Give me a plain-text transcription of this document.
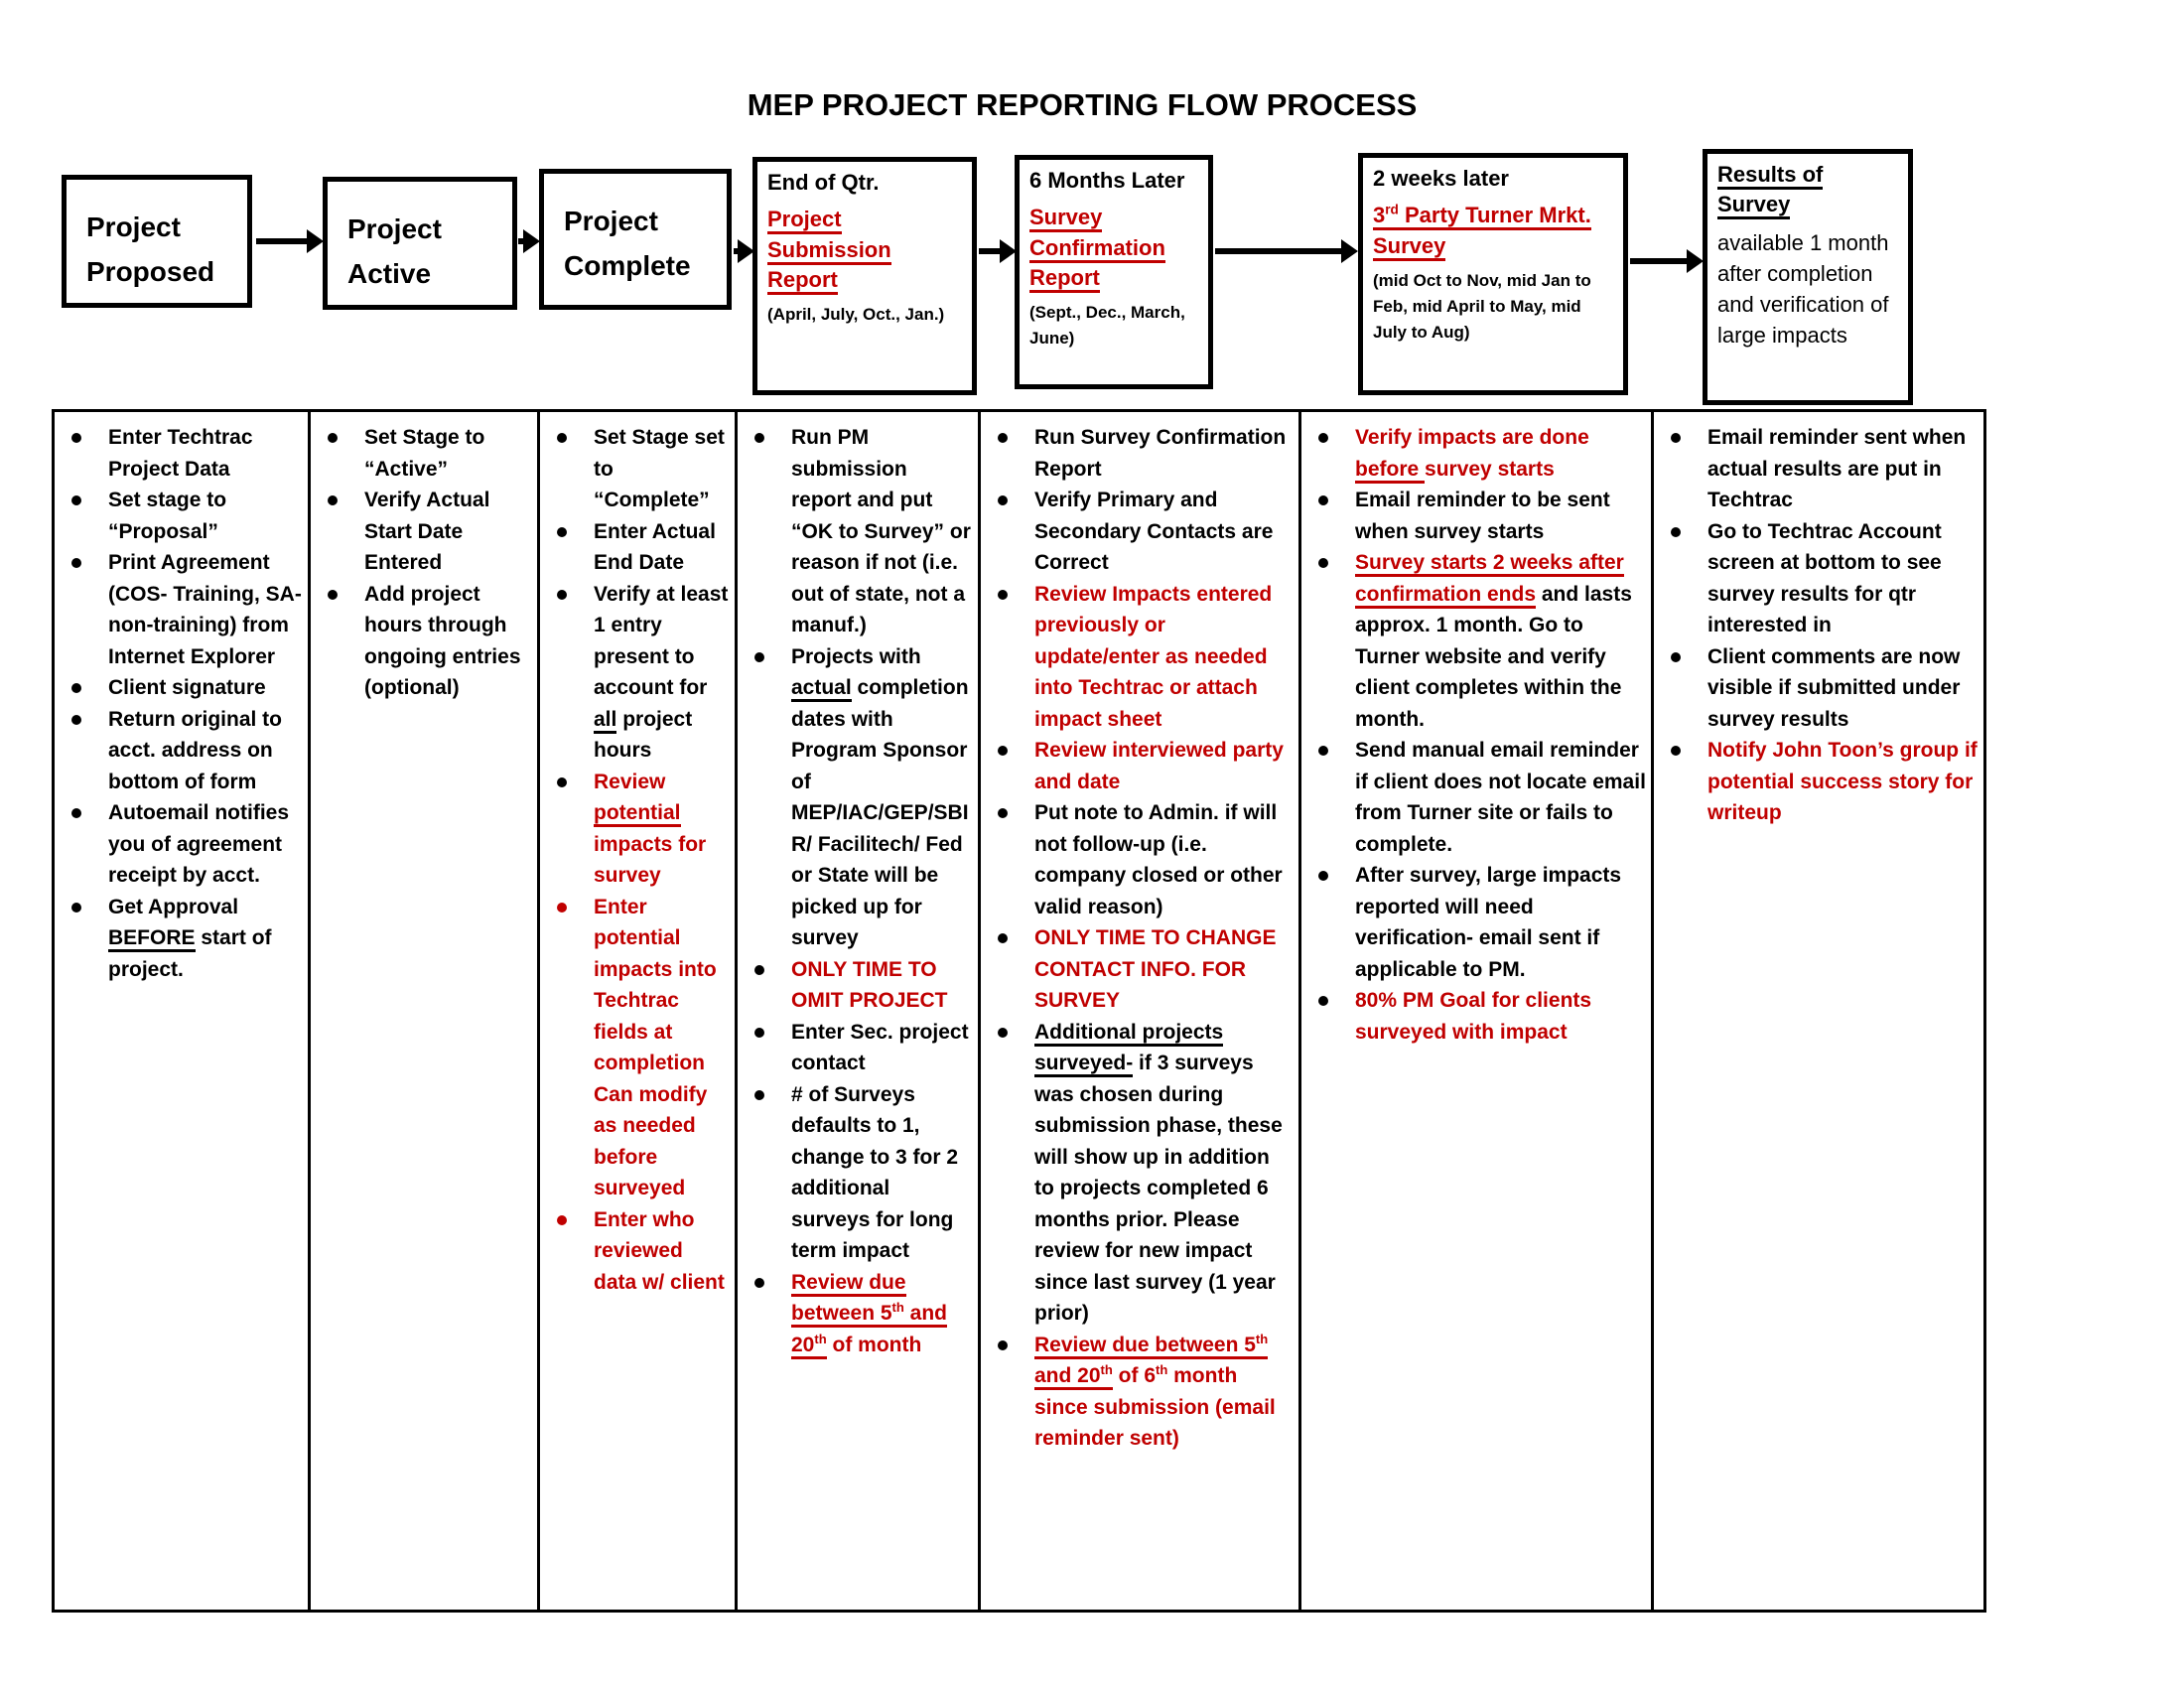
MEP PROJECT REPORTING FLOW PROCESS
Project Proposed
Project Active
Project Complete
End of Qtr.
Project Submission Report
(April, July, Oct., Jan.)
6 Months Later
Survey Confirmation Report
(Sept., Dec., March, June)
2 weeks later
3rd Party Turner Mrkt. Survey
(mid Oct to Nov, mid Jan to Feb, mid April to May, mid July to Aug)
Results of Survey
available 1 month after completion and verification of large impacts
Enter Techtrac Project Data
Set stage to “Proposal”
Print Agreement (COS- Training, SA- non-training) from Internet Explorer
Client signature
Return original to acct. address on bottom of form
Autoemail notifies you of agreement receipt by acct.
Get Approval BEFORE start of project.
Set Stage to “Active”
Verify Actual Start Date Entered
Add project hours through ongoing entries (optional)
Set Stage set to “Complete”
Enter Actual End Date
Verify at least 1 entry present to account for all project hours
Review potential impacts for survey
Enter potential impacts into Techtrac fields at completion Can modify as needed before surveyed
Enter who reviewed data w/ client
Run PM submission report and put “OK to Survey” or reason if not (i.e. out of state, not a manuf.)
Projects with actual completion dates with Program Sponsor of MEP/IAC/GEP/SBIR/ Facilitech/ Fed or State will be picked up for survey
ONLY TIME TO OMIT PROJECT
Enter Sec. project contact
# of Surveys defaults to 1, change to 3 for 2 additional surveys for long term impact
Review due between 5th and 20th of month
Run Survey Confirmation Report
Verify Primary and Secondary Contacts are Correct
Review Impacts entered previously or update/enter as needed into Techtrac or attach impact sheet
Review interviewed party and date
Put note to Admin. if will not follow-up (i.e. company closed or other valid reason)
ONLY TIME TO CHANGE CONTACT INFO. FOR SURVEY
Additional projects surveyed- if 3 surveys was chosen during submission phase, these will show up in addition to projects completed 6 months prior. Please review for new impact since last survey (1 year prior)
Review due between 5th and 20th of 6th month since submission (email reminder sent)
Verify impacts are done before survey starts
Email reminder to be sent when survey starts
Survey starts 2 weeks after confirmation ends and lasts approx. 1 month. Go to Turner website and verify client completes within the month.
Send manual email reminder if client does not locate email from Turner site or fails to complete.
After survey, large impacts reported will need verification- email sent if applicable to PM.
80% PM Goal for clients surveyed with impact
Email reminder sent when actual results are put in Techtrac
Go to Techtrac Account screen at bottom to see survey results for qtr interested in
Client comments are now visible if submitted under survey results
Notify John Toon’s group if potential success story for writeup
